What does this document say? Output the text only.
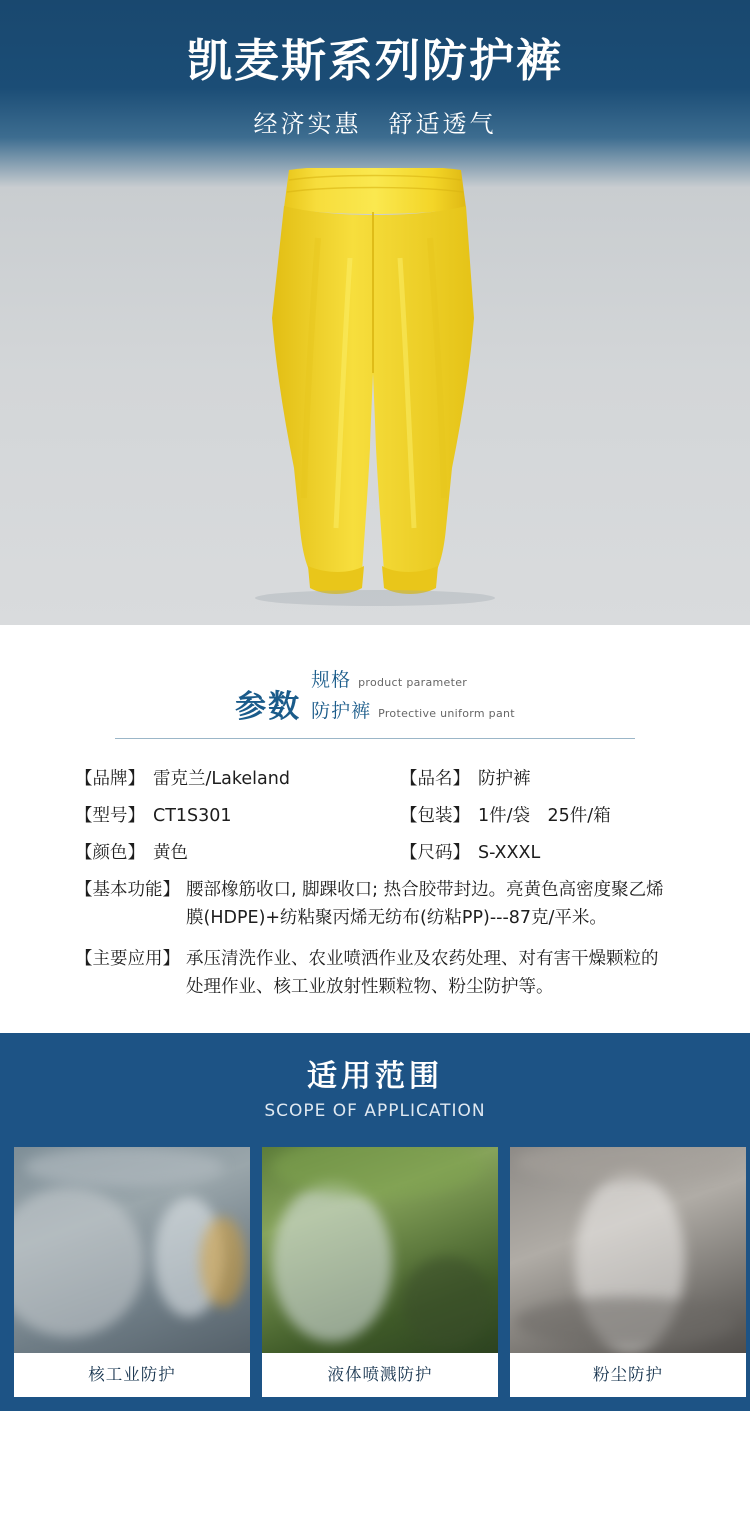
凯麦斯系列防护裤
经济实惠　舒适透气
参数
规格 product parameter
防护裤 Protective uniform pant
【品牌】 雷克兰/Lakeland	【品名】 防护裤
【型号】 CT1S301	【包装】 1件/袋　25件/箱
【颜色】 黄色	【尺码】 S-XXXL
【基本功能】 腰部橡筋收口, 脚踝收口; 热合胶带封边。亮黄色高密度聚乙烯膜(HDPE)+纺粘聚丙烯无纺布(纺粘PP)---87克/平米。
【主要应用】 承压清洗作业、农业喷洒作业及农药处理、对有害干燥颗粒的处理作业、核工业放射性颗粒物、粉尘防护等。
适用范围
SCOPE OF APPLICATION
核工业防护	液体喷溅防护	粉尘防护
